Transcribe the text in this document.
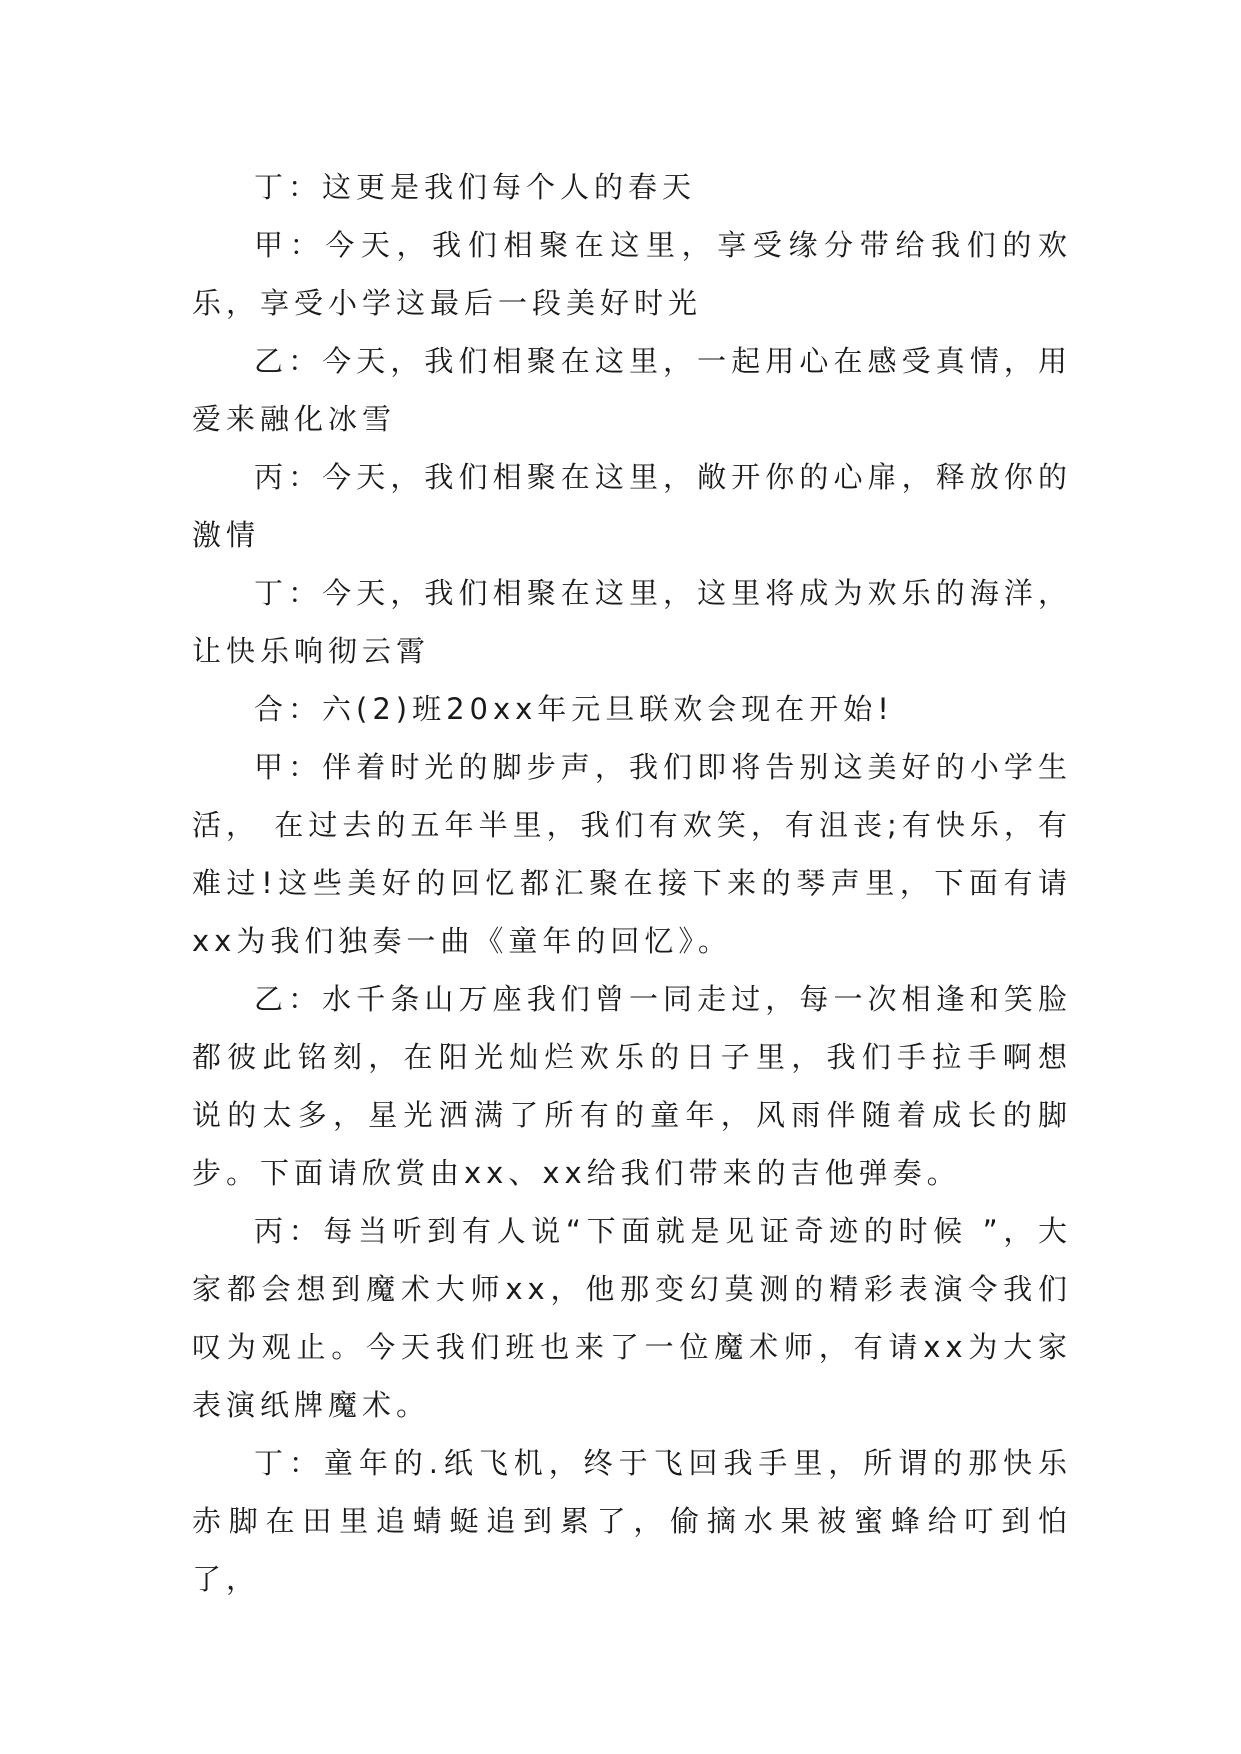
丁：这更是我们每个人的春天

甲：今天，我们相聚在这里，享受缘分带给我们的欢乐，享受小学这最后一段美好时光

乙：今天，我们相聚在这里，一起用心在感受真情，用爱来融化冰雪

丙：今天，我们相聚在这里，敞开你的心扉，释放你的激情

丁：今天，我们相聚在这里，这里将成为欢乐的海洋，让快乐响彻云霄

合：六(2)班20xx年元旦联欢会现在开始!

甲：伴着时光的脚步声，我们即将告别这美好的小学生活， 在过去的五年半里，我们有欢笑，有沮丧;有快乐，有难过!这些美好的回忆都汇聚在接下来的琴声里，下面有请xx为我们独奏一曲《童年的回忆》。

乙：水千条山万座我们曾一同走过，每一次相逢和笑脸都彼此铭刻，在阳光灿烂欢乐的日子里，我们手拉手啊想说的太多，星光洒满了所有的童年，风雨伴随着成长的脚步。下面请欣赏由xx、xx给我们带来的吉他弹奏。

丙：每当听到有人说“下面就是见证奇迹的时候 ”，大家都会想到魔术大师xx，他那变幻莫测的精彩表演令我们叹为观止。今天我们班也来了一位魔术师，有请xx为大家表演纸牌魔术。

丁：童年的.纸飞机，终于飞回我手里，所谓的那快乐赤脚在田里追蜻蜓追到累了，偷摘水果被蜜蜂给叮到怕了，
